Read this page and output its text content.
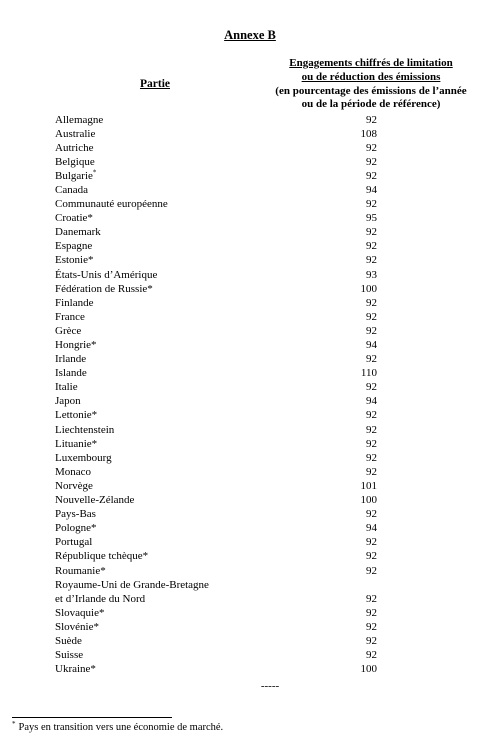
Annexe B
Partie
Engagements chiffrés de limitation
ou de réduction des émissions
(en pourcentage des émissions de l’année
ou de la période de référence)
Allemagne	92
Australie	108
Autriche	92
Belgique	92
Bulgarie*	92
Canada	94
Communauté européenne	92
Croatie*	95
Danemark	92
Espagne	92
Estonie*	92
États-Unis d’Amérique	93
Fédération de Russie*	100
Finlande	92
France	92
Grèce	92
Hongrie*	94
Irlande	92
Islande	110
Italie	92
Japon	94
Lettonie*	92
Liechtenstein	92
Lituanie*	92
Luxembourg	92
Monaco	92
Norvège	101
Nouvelle-Zélande	100
Pays-Bas	92
Pologne*	94
Portugal	92
République tchèque*	92
Roumanie*	92
Royaume-Uni de Grande-Bretagne
et d’Irlande du Nord	92
Slovaquie*	92
Slovénie*	92
Suède	92
Suisse	92
Ukraine*	100
-----
* Pays en transition vers une économie de marché.
